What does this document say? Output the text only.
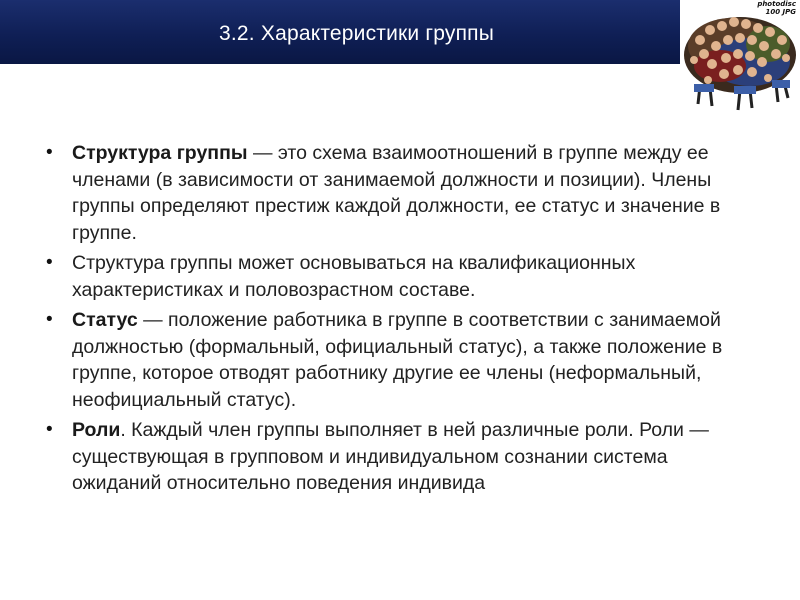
3.2. Характеристики группы
photodisc
100 JPG
• Структура группы — это схема взаимоотношений в группе между ее членами (в зависимости от занимаемой должности и позиции). Члены группы определяют престиж каждой должности, ее статус и значение в группе.
• Структура группы может основываться на квалификационных характеристиках и половозрастном составе.
• Статус — положение работника в группе в соответствии с занимаемой должностью (формальный, официальный статус), а также положение в группе, которое отводят работнику другие ее члены (неформальный, неофициальный статус).
• Роли. Каждый член группы выполняет в ней различные роли. Роли — существующая в групповом и индивидуальном сознании система ожиданий относительно поведения индивида
